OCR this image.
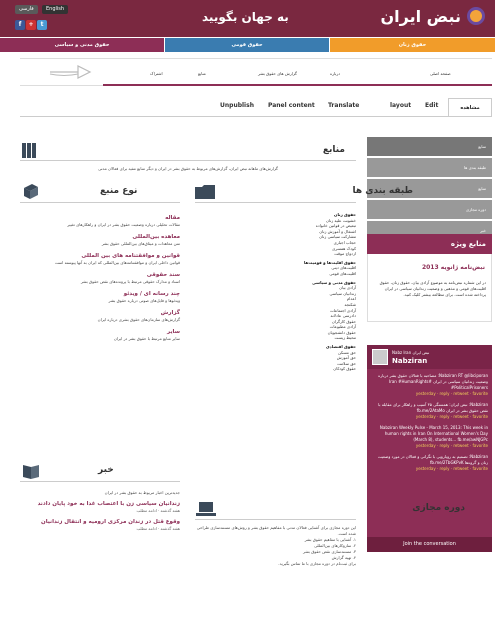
نبض ایران
به جهان بگویید
English
فارسی
f	+	t
حقوق زنان
حقوق قومی
حقوق مدنی و سیاسی
صفحه اصلی
درباره
گزارش های حقوق بشر
منابع
اشتراک
مشاهده
Edit
layout
Translate
Panel content
Unpublish
منابع
طبقه بندی ها
منابع
دوره مجازی
خبر
منابع ویژه
نبض‌نامه ژانویه 2013
در این شماره نبض‌نامه به موضوع آزادی بیان، حقوق زنان، حقوق اقلیت‌های قومی و مذهبی و وضعیت زندانیان سیاسی در ایران پرداخته شده است. برای مطالعه بیشتر کلیک کنید.
Nabz Iran نبض ایران
Nabziran
Nabziran RT @libciporan: مصاحبه با فعالان حقوق بشر درباره وضعیت زندانیان سیاسی در ایران #Iran #HumanRights #PoliticalPrisoners
yesterday · reply · retweet · favorite
Nabziran: نبض ایران: همسنگی ۳۵ آسیب و راهکار برای مقابله با نقض حقوق بشر در ایران fb.me/2AtaMo
yesterday · reply · retweet · favorite
Nabziran Weekly Pulse - March 15, 2013: This week in human rights in Iran On International Women's Day (March 8), students... fb.me/awNJGPc
yesterday · reply · retweet · favorite
Nabziran: تصمیم به رویارویی با نگرانی و فعالان در مورد وضعیت زنان و گروه‌ها fb.me/2TbGKPvK
yesterday · reply · retweet · favorite
Join the conversation
منابع
گزارش‌های ماهانه نبض ایران، گزارش‌های مربوط به حقوق بشر در ایران و دیگر منابع مفید برای فعالان مدنی
طبقه بندی ها
حقوق زنان
خشونت علیه زنان
تبعیض در قوانین خانواده
اشتغال و آموزش زنان
مشارکت سیاسی زنان
حجاب اجباری
کودک همسری
ازدواج موقت
حقوق اقلیت‌ها و قومیت‌ها
اقلیت‌های دینی
اقلیت‌های قومی
حقوق مدنی و سیاسی
آزادی بیان
زندانیان سیاسی
اعدام
شکنجه
آزادی اجتماعات
دادرسی عادلانه
حقوق کارگران
آزادی مطبوعات
حقوق دانشجویان
محیط زیست
حقوق اقتصادی
حق مسکن
حق آموزش
حق سلامت
حقوق کودکان
نوع منبع
مقاله
مقالات تحلیلی درباره وضعیت حقوق بشر در ایران و راهکارهای تغییر
معاهده بین‌المللی
متن معاهدات و میثاق‌های بین‌المللی حقوق بشر
قوانین و موافقتنامه های بین المللی
قوانین داخلی ایران و موافقتنامه‌های بین‌المللی که ایران به آنها پیوسته است
سند حقوقی
اسناد و مدارک حقوقی مرتبط با پرونده‌های نقض حقوق بشر
چند رسانه ای / ویدئو
ویدئوها و فایل‌های صوتی درباره حقوق بشر
گزارش
گزارش‌های سازمان‌های حقوق بشری درباره ایران
سایر
سایر منابع مرتبط با حقوق بشر در ایران
خبر
جدیدترین اخبار مربوط به حقوق بشر در ایران
زندانیان سیاسی زن با اعتصاب غذا به خود پایان دادند
هفته گذشته · ادامه مطلب
وقوع قتل در زندان مرکزی ارومیه و انتقال زندانیان
هفته گذشته · ادامه مطلب
دوره مجازی
این دوره مجازی برای آشنایی فعالان مدنی با مفاهیم حقوق بشر و روش‌های مستندسازی طراحی شده است.
۱. آشنایی با مفاهیم حقوق بشر
۲. سازوکارهای بین‌المللی
۳. مستندسازی نقض حقوق بشر
۴. تهیه گزارش
برای ثبت‌نام در دوره مجازی با ما تماس بگیرید.
